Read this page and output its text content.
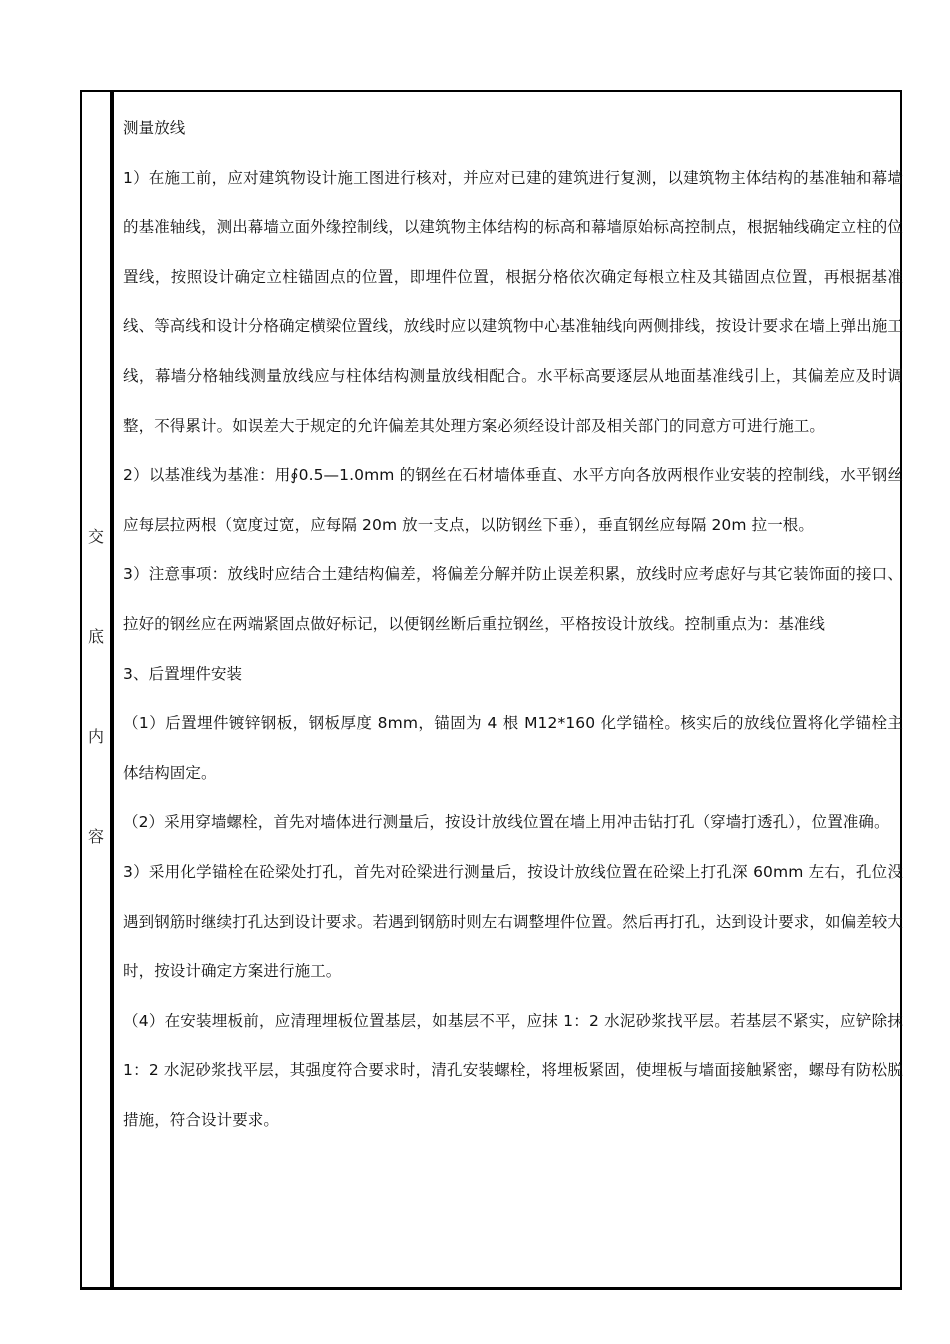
交
底
内
容

测量放线

1）在施工前，应对建筑物设计施工图进行核对，并应对已建的建筑进行复测，以建筑物主体结构的基准轴和幕墙的基准轴线，测出幕墙立面外缘控制线，以建筑物主体结构的标高和幕墙原始标高控制点，根据轴线确定立柱的位置线，按照设计确定立柱锚固点的位置，即埋件位置，根据分格依次确定每根立柱及其锚固点位置，再根据基准线、等高线和设计分格确定横梁位置线，放线时应以建筑物中心基准轴线向两侧排线，按设计要求在墙上弹出施工线，幕墙分格轴线测量放线应与柱体结构测量放线相配合。水平标高要逐层从地面基准线引上，其偏差应及时调整，不得累计。如误差大于规定的允许偏差其处理方案必须经设计部及相关部门的同意方可进行施工。

2）以基准线为基准：用∮0.5—1.0mm 的钢丝在石材墙体垂直、水平方向各放两根作业安装的控制线，水平钢丝应每层拉两根（宽度过宽，应每隔 20m 放一支点，以防钢丝下垂），垂直钢丝应每隔 20m 拉一根。

3）注意事项：放线时应结合土建结构偏差，将偏差分解并防止误差积累，放线时应考虑好与其它装饰面的接口、拉好的钢丝应在两端紧固点做好标记，以便钢丝断后重拉钢丝，平格按设计放线。控制重点为：基准线

3、后置埋件安装

（1）后置埋件镀锌钢板，钢板厚度 8mm，锚固为 4 根 M12*160 化学锚栓。核实后的放线位置将化学锚栓主体结构固定。

（2）采用穿墙螺栓，首先对墙体进行测量后，按设计放线位置在墙上用冲击钻打孔（穿墙打透孔），位置准确。

3）采用化学锚栓在砼梁处打孔，首先对砼梁进行测量后，按设计放线位置在砼梁上打孔深 60mm 左右，孔位没遇到钢筋时继续打孔达到设计要求。若遇到钢筋时则左右调整埋件位置。然后再打孔，达到设计要求，如偏差较大时，按设计确定方案进行施工。

（4）在安装埋板前，应清理埋板位置基层，如基层不平，应抹 1：2 水泥砂浆找平层。若基层不紧实，应铲除抹 1：2 水泥砂浆找平层，其强度符合要求时，清孔安装螺栓，将埋板紧固，使埋板与墙面接触紧密，螺母有防松脱措施，符合设计要求。
